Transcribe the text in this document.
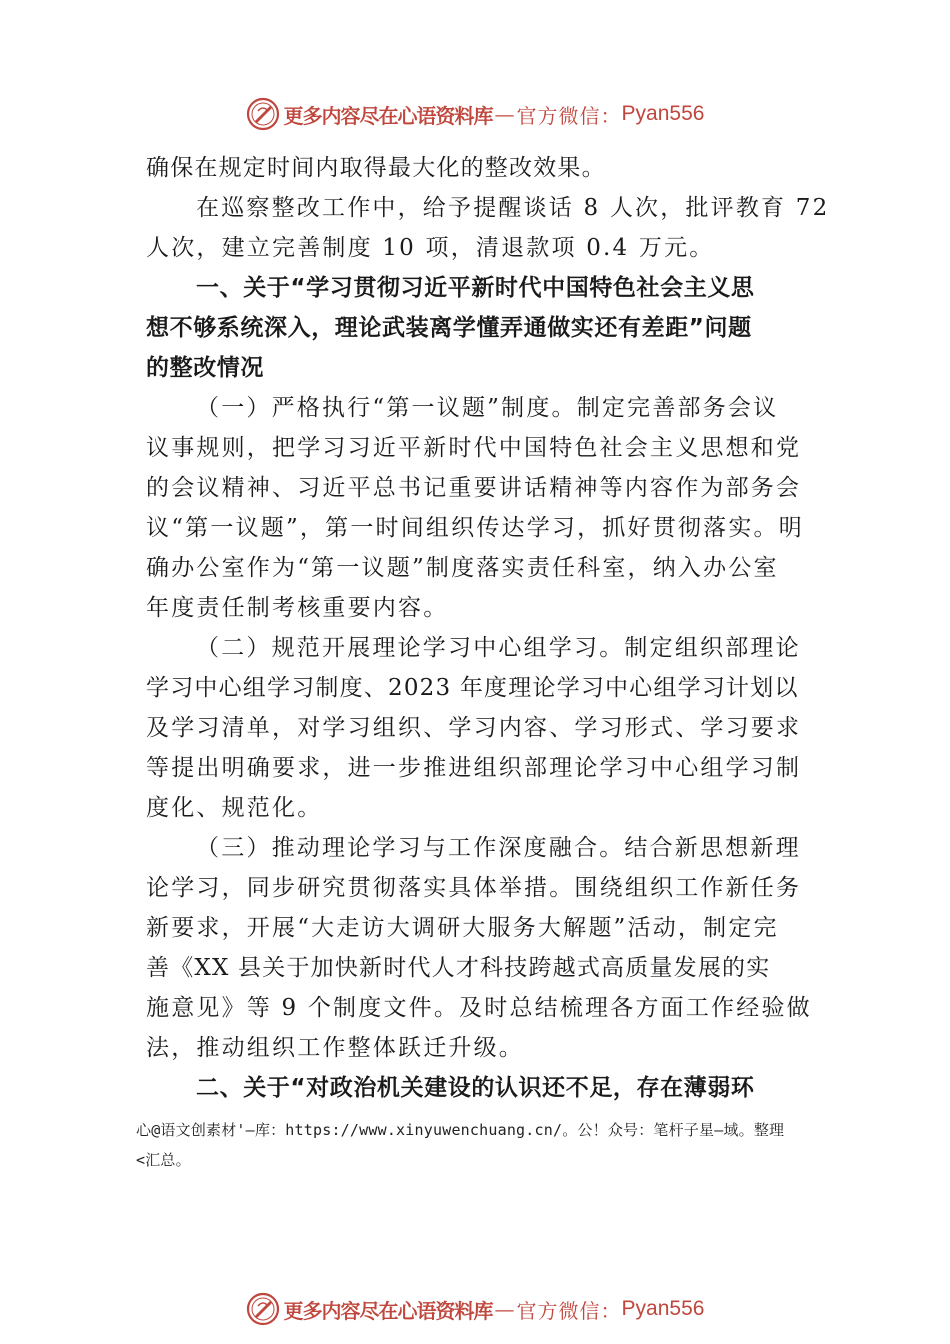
更多内容尽在心语资料库 — 官方微信： Pyan556
确保在规定时间内取得最大化的整改效果。
在巡察整改工作中，给予提醒谈话 8 人次，批评教育 72
人次，建立完善制度 10 项，清退款项 0.4 万元。
一、关于“学习贯彻习近平新时代中国特色社会主义思
想不够系统深入，理论武装离学懂弄通做实还有差距”问题
的整改情况
（一）严格执行“第一议题”制度。制定完善部务会议
议事规则，把学习习近平新时代中国特色社会主义思想和党
的会议精神、习近平总书记重要讲话精神等内容作为部务会
议“第一议题”，第一时间组织传达学习，抓好贯彻落实。明
确办公室作为“第一议题”制度落实责任科室，纳入办公室
年度责任制考核重要内容。
（二）规范开展理论学习中心组学习。制定组织部理论
学习中心组学习制度、2023 年度理论学习中心组学习计划以
及学习清单，对学习组织、学习内容、学习形式、学习要求
等提出明确要求，进一步推进组织部理论学习中心组学习制
度化、规范化。
（三）推动理论学习与工作深度融合。结合新思想新理
论学习，同步研究贯彻落实具体举措。围绕组织工作新任务
新要求，开展“大走访大调研大服务大解题”活动，制定完
善《XX 县关于加快新时代人才科技跨越式高质量发展的实
施意见》等 9 个制度文件。及时总结梳理各方面工作经验做
法，推动组织工作整体跃迁升级。
二、关于“对政治机关建设的认识还不足，存在薄弱环
心@语文创素材'—库：https://www.xinyuwenchuang.cn/。公！众号：笔杆子星—域。整理
<汇总。
更多内容尽在心语资料库 — 官方微信： Pyan556
